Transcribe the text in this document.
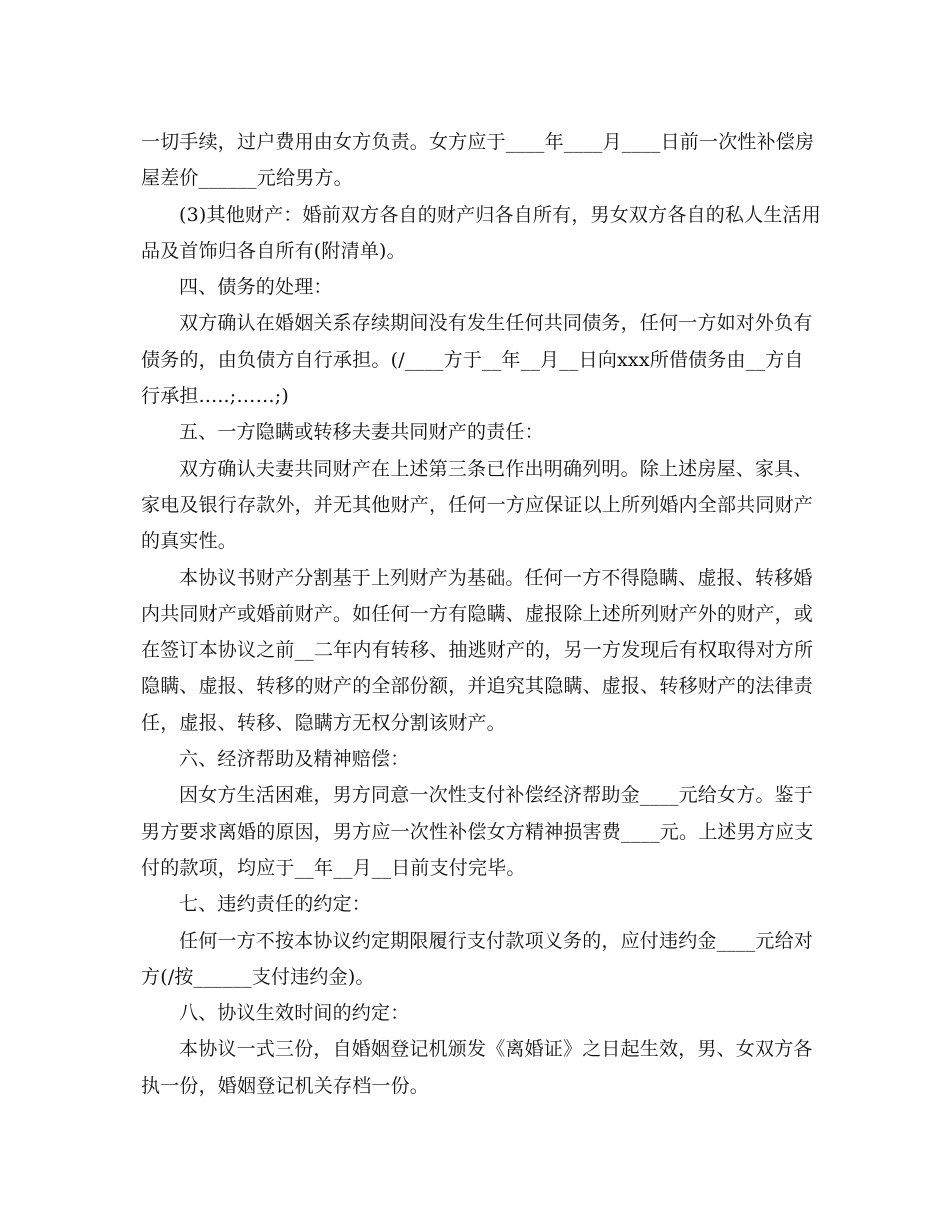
一切手续，过户费用由女方负责。女方应于____年____月____日前一次性补偿房
屋差价______元给男方。
(3)其他财产：婚前双方各自的财产归各自所有，男女双方各自的私人生活用
品及首饰归各自所有(附清单)。
四、债务的处理：
双方确认在婚姻关系存续期间没有发生任何共同债务，任何一方如对外负有
债务的，由负债方自行承担。(/____方于__年__月__日向xxx所借债务由__方自
行承担.....;……;)
五、一方隐瞒或转移夫妻共同财产的责任：
双方确认夫妻共同财产在上述第三条已作出明确列明。除上述房屋、家具、
家电及银行存款外，并无其他财产，任何一方应保证以上所列婚内全部共同财产
的真实性。
本协议书财产分割基于上列财产为基础。任何一方不得隐瞒、虚报、转移婚
内共同财产或婚前财产。如任何一方有隐瞒、虚报除上述所列财产外的财产，或
在签订本协议之前__二年内有转移、抽逃财产的，另一方发现后有权取得对方所
隐瞒、虚报、转移的财产的全部份额，并追究其隐瞒、虚报、转移财产的法律责
任，虚报、转移、隐瞒方无权分割该财产。
六、经济帮助及精神赔偿：
因女方生活困难，男方同意一次性支付补偿经济帮助金____元给女方。鉴于
男方要求离婚的原因，男方应一次性补偿女方精神损害费____元。上述男方应支
付的款项，均应于__年__月__日前支付完毕。
七、违约责任的约定：
任何一方不按本协议约定期限履行支付款项义务的，应付违约金____元给对
方(/按______支付违约金)。
八、协议生效时间的约定：
本协议一式三份，自婚姻登记机颁发《离婚证》之日起生效，男、女双方各
执一份，婚姻登记机关存档一份。
